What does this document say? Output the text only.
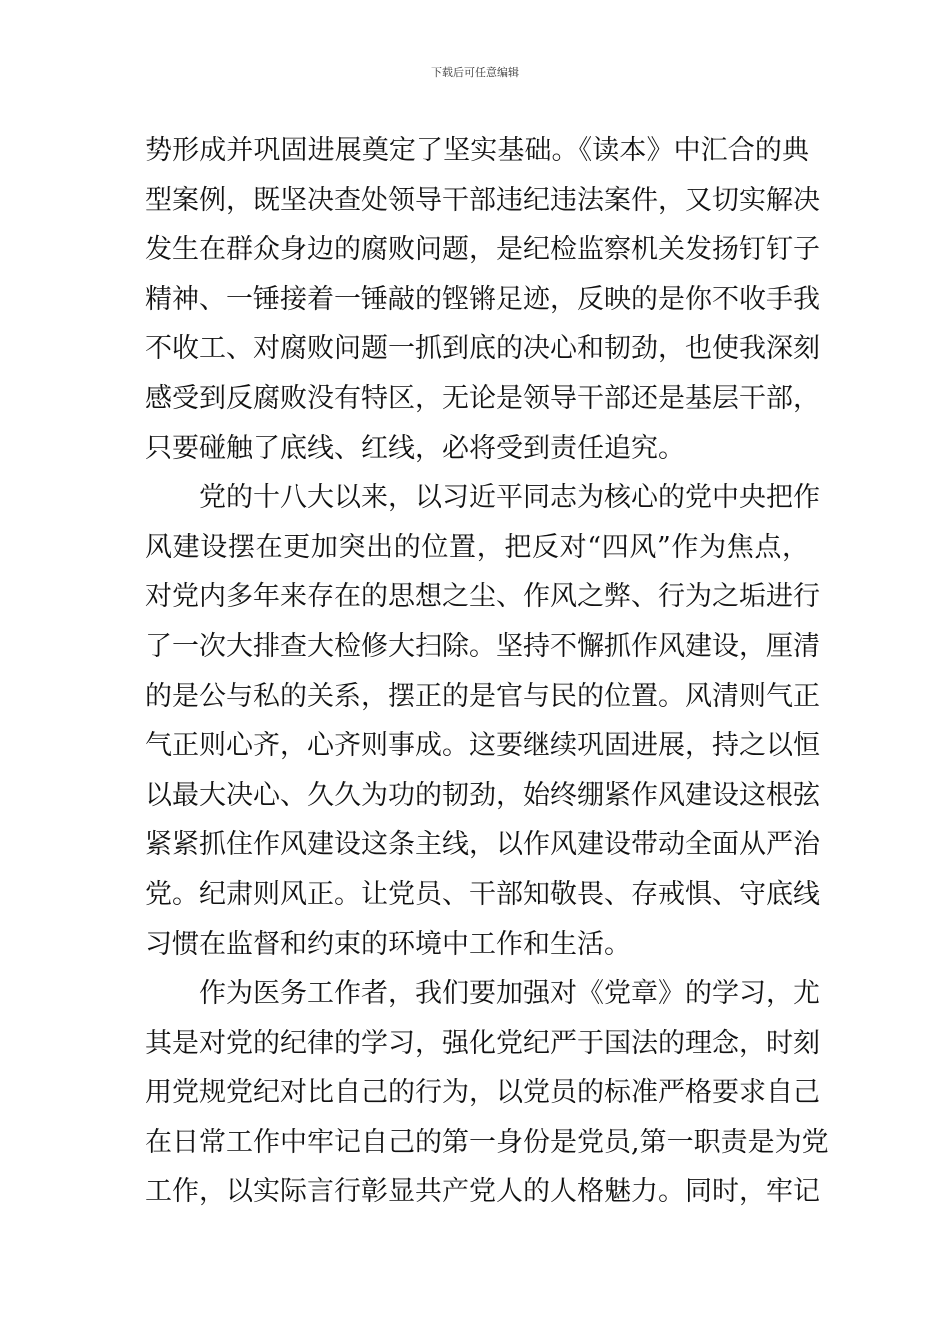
下载后可任意编辑
势形成并巩固进展奠定了坚实基础。《读本》中汇合的典
型案例，既坚决查处领导干部违纪违法案件，又切实解决
发生在群众身边的腐败问题，是纪检监察机关发扬钉钉子
精神、一锤接着一锤敲的铿锵足迹，反映的是你不收手我
不收工、对腐败问题一抓到底的决心和韧劲，也使我深刻
感受到反腐败没有特区，无论是领导干部还是基层干部，
只要碰触了底线、红线，必将受到责任追究。
党的十八大以来，以习近平同志为核心的党中央把作
风建设摆在更加突出的位置，把反对“四风”作为焦点，
对党内多年来存在的思想之尘、作风之弊、行为之垢进行
了一次大排查大检修大扫除。坚持不懈抓作风建设，厘清
的是公与私的关系，摆正的是官与民的位置。风清则气正
气正则心齐，心齐则事成。这要继续巩固进展，持之以恒
以最大决心、久久为功的韧劲，始终绷紧作风建设这根弦
紧紧抓住作风建设这条主线，以作风建设带动全面从严治
党。纪肃则风正。让党员、干部知敬畏、存戒惧、守底线
习惯在监督和约束的环境中工作和生活。
作为医务工作者，我们要加强对《党章》的学习，尤
其是对党的纪律的学习，强化党纪严于国法的理念，时刻
用党规党纪对比自己的行为，以党员的标准严格要求自己
在日常工作中牢记自己的第一身份是党员,第一职责是为党
工作，以实际言行彰显共产党人的人格魅力。同时，牢记
